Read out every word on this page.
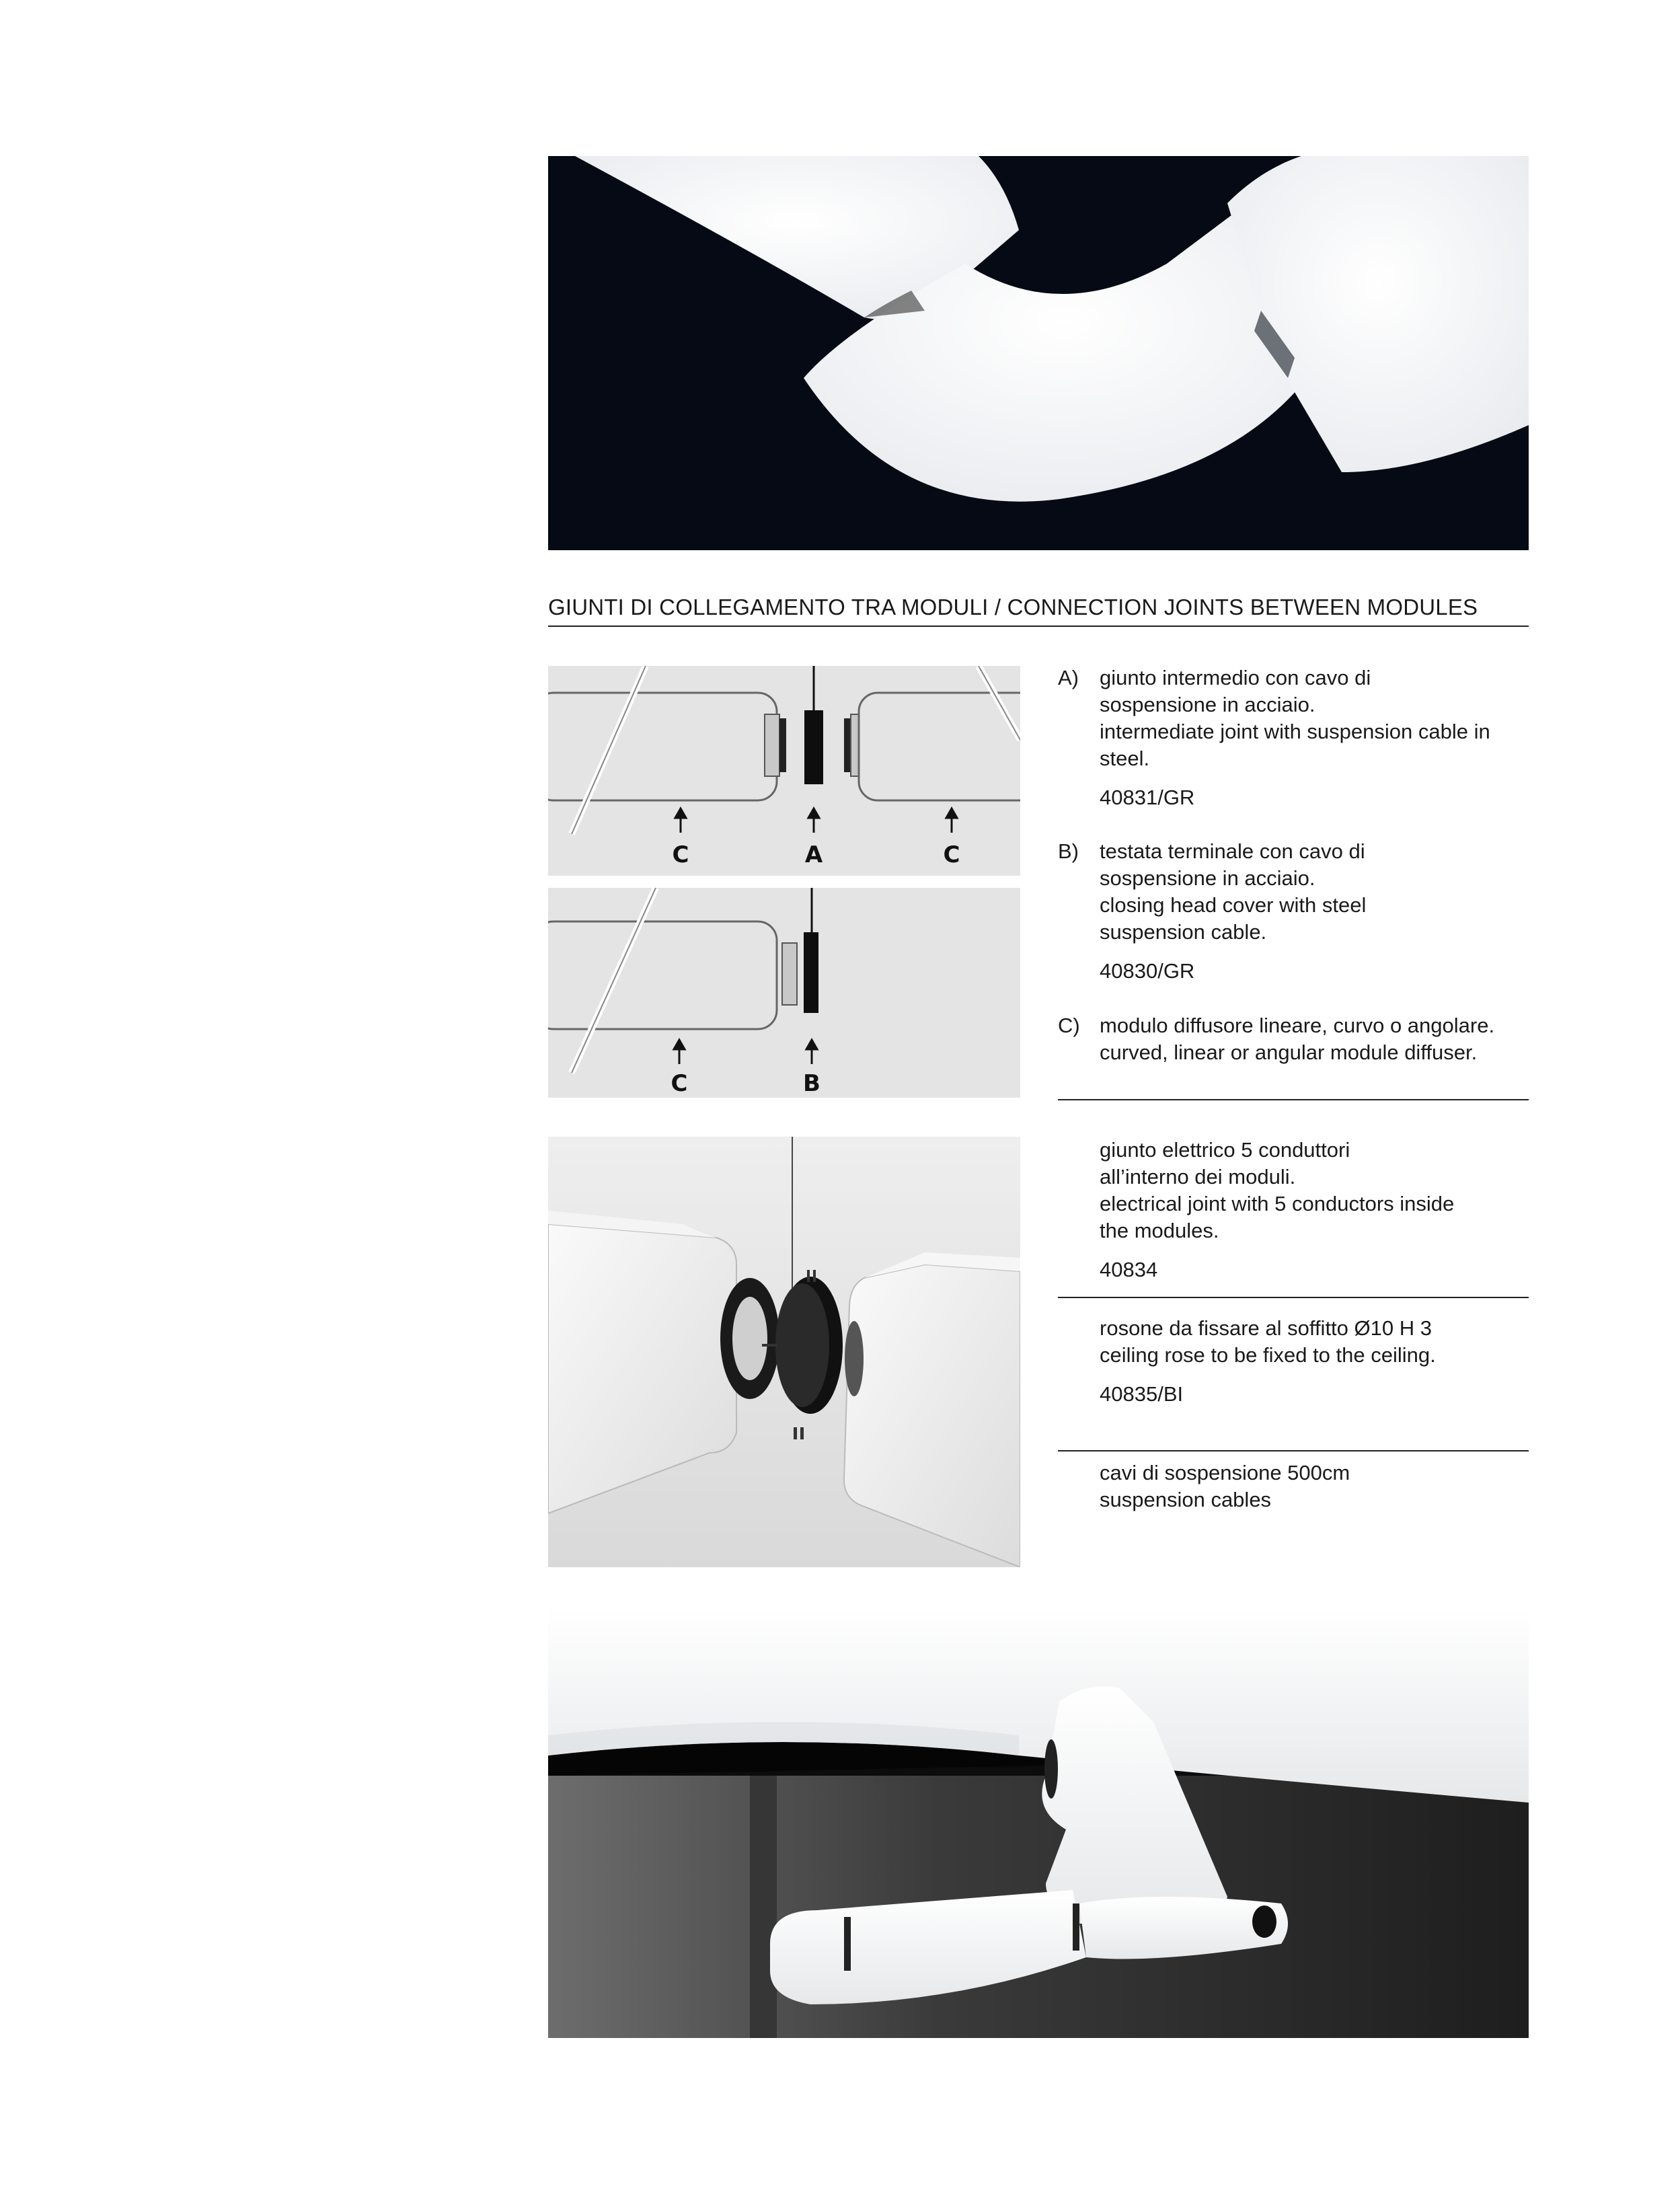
GIUNTI DI COLLEGAMENTO TRA MODULI / CONNECTION JOINTS BETWEEN MODULES
C	A	C
C	B
A) giunto intermedio con cavo di
sospensione in acciaio.
intermediate joint with suspension cable in
steel.
40831/GR
B) testata terminale con cavo di
sospensione in acciaio.
closing head cover with steel
suspension cable.
40830/GR
C) modulo diffusore lineare, curvo o angolare.
curved, linear or angular module diffuser.
giunto elettrico 5 conduttori
all’interno dei moduli.
electrical joint with 5 conductors inside
the modules.
40834
rosone da fissare al soffitto Ø10 H 3
ceiling rose to be fixed to the ceiling.
40835/BI
cavi di sospensione 500cm
suspension cables
